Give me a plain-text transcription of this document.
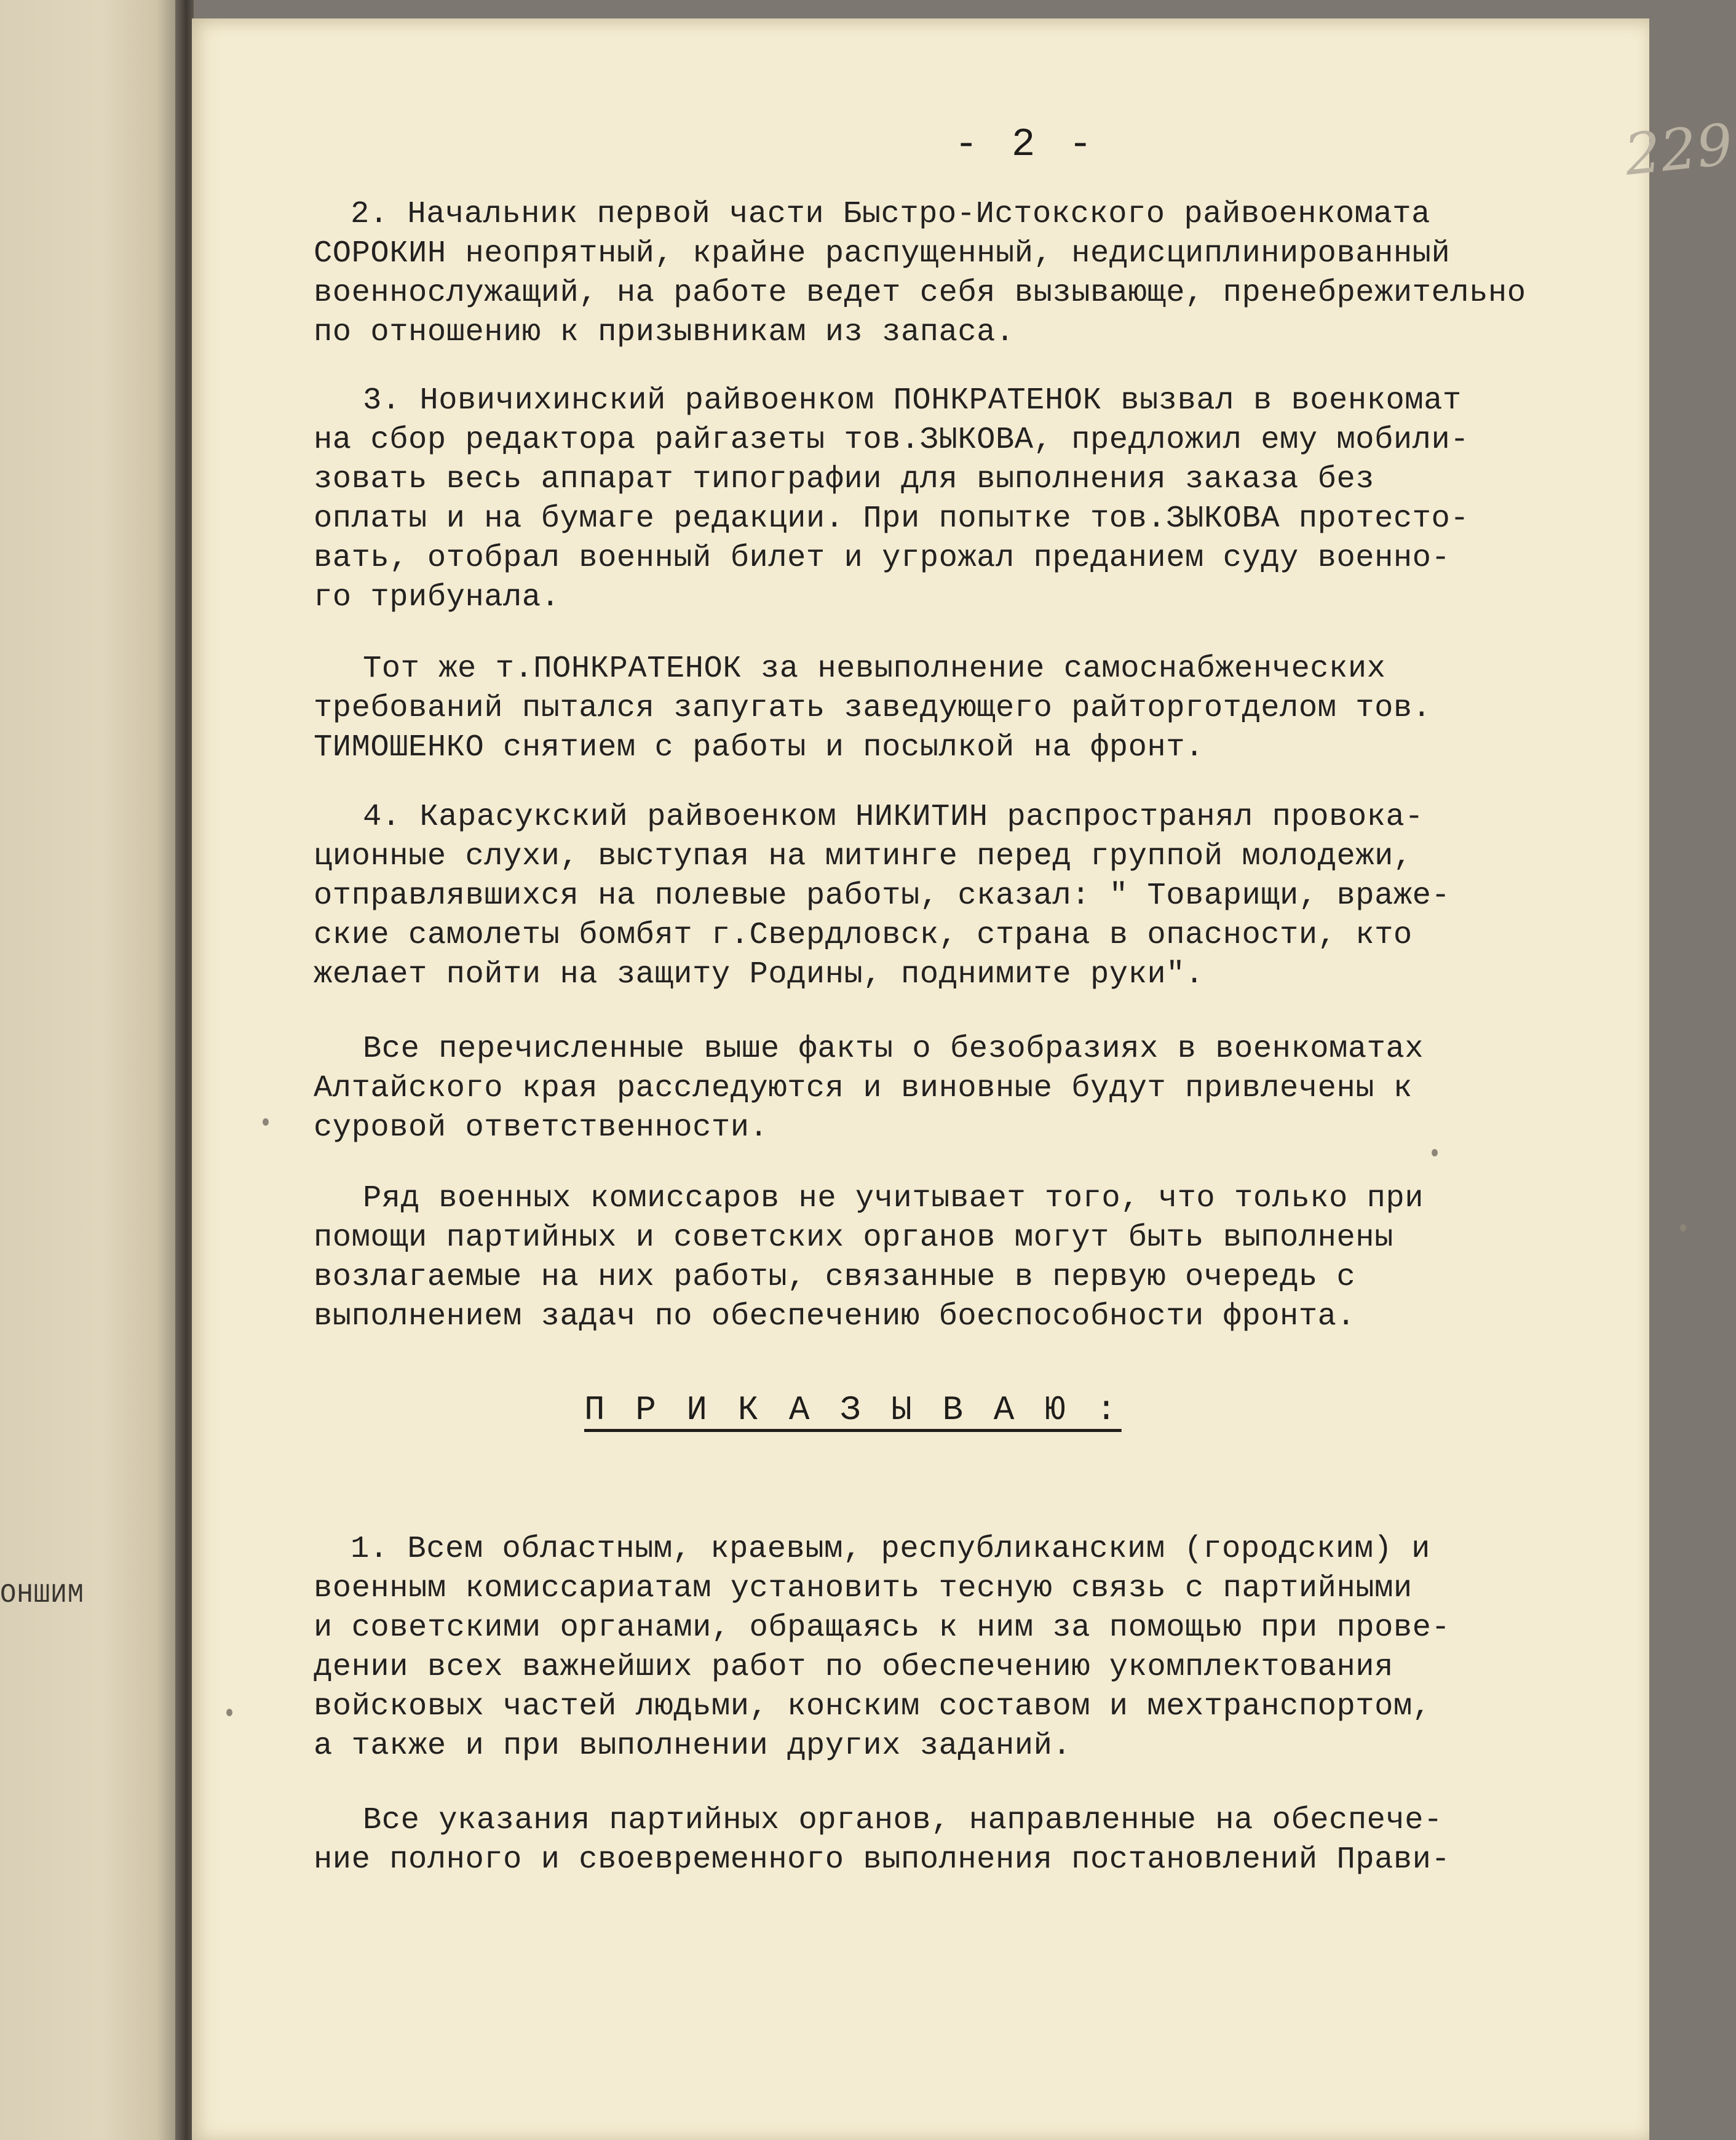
ОНШИМ
- 2 -	229
2. Начальник первой части Быстро-Истокского райвоенкомата
СОРОКИН неопрятный, крайне распущенный, недисциплинированный
военнослужащий, на работе ведет себя вызывающе, пренебрежительно
по отношению к призывникам из запаса.
3. Новичихинский райвоенком ПОНКРАТЕНОК вызвал в военкомат
на сбор редактора райгазеты тов.ЗЫКОВА, предложил ему мобили-
зовать весь аппарат типографии для выполнения заказа без
оплаты и на бумаге редакции. При попытке тов.ЗЫКОВА протесто-
вать, отобрал военный билет и угрожал преданием суду военно-
го трибунала.
Тот же т.ПОНКРАТЕНОК за невыполнение самоснабженческих
требований пытался запугать заведующего райторготделом тов.
ТИМОШЕНКО снятием с работы и посылкой на фронт.
4. Карасукский райвоенком НИКИТИН распространял провока-
ционные слухи, выступая на митинге перед группой молодежи,
отправлявшихся на полевые работы, сказал: " Товарищи, враже-
ские самолеты бомбят г.Свердловск, страна в опасности, кто
желает пойти на защиту Родины, поднимите руки".
Все перечисленные выше факты о безобразиях в военкоматах
Алтайского края расследуются и виновные будут привлечены к
суровой ответственности.
Ряд военных комиссаров не учитывает того, что только при
помощи партийных и советских органов могут быть выполнены
возлагаемые на них работы, связанные в первую очередь с
выполнением задач по обеспечению боеспособности фронта.
П Р И К А З Ы В А Ю :
1. Всем областным, краевым, республиканским (городским) и
военным комиссариатам установить тесную связь с партийными
и советскими органами, обращаясь к ним за помощью при прове-
дении всех важнейших работ по обеспечению укомплектования
войсковых частей людьми, конским составом и мехтранспортом,
а также и при выполнении других заданий.
Все указания партийных органов, направленные на обеспече-
ние полного и своевременного выполнения постановлений Прави-
